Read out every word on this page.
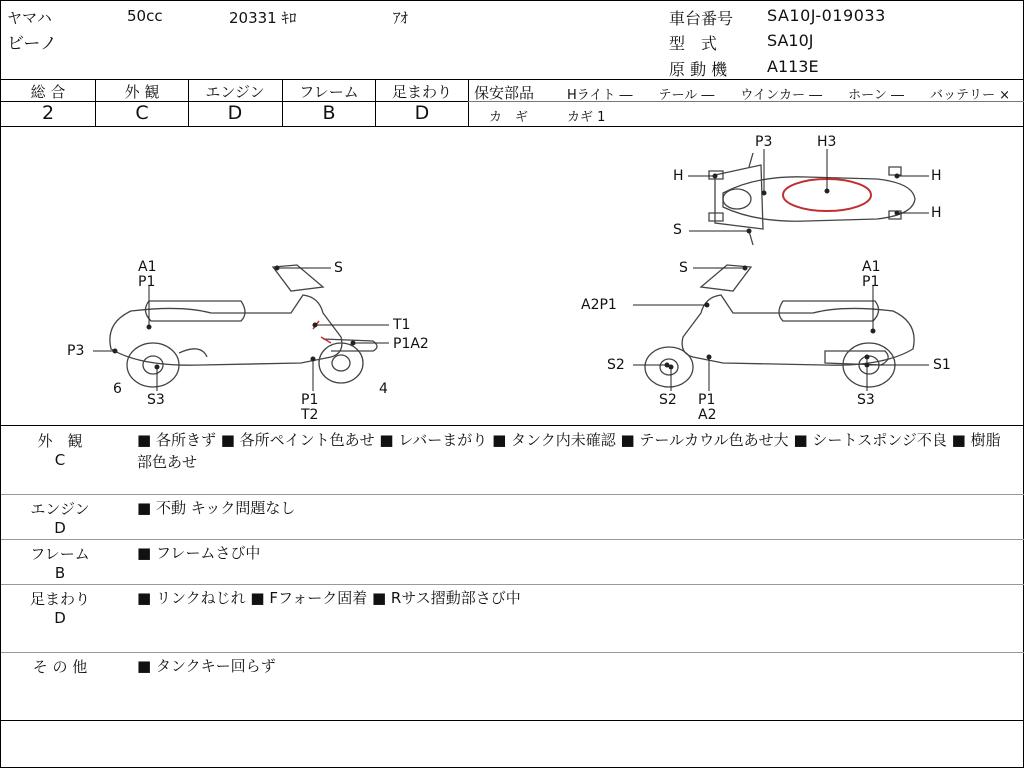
ヤマハ	50cc	20331 ｷﾛ	ｱｵ
ビーノ
車台番号 SA10J-019033
型　式	SA10J
原 動 機 A113E
総 合	外 観	エンジン	フレーム	足まわり
2	C	D	B	D
保安部品	Hライト ―　　テール ―　　ウインカー ―　　ホーン ―　　バッテリー ×
カ　ギ	カギ 1
P3	H3
H	H
H
S
A1
P1
S
T1
P1A2
P3
6
S3	P1
T2
4
S	A1
P1
A2P1
S2	S1
S2 P1
A2
S3
外　観
C
■ 各所きず ■ 各所ペイント色あせ ■ レバーまがり ■ タンク内未確認 ■ テールカウル色あせ大 ■ シートスポンジ不良 ■ 樹脂部色あせ
エンジン
D
■ 不動 キック問題なし
フレーム
B
■ フレームさび中
足まわり
D
■ リンクねじれ ■ Fフォーク固着 ■ Rサス摺動部さび中
そ の 他	■ タンクキー回らず
